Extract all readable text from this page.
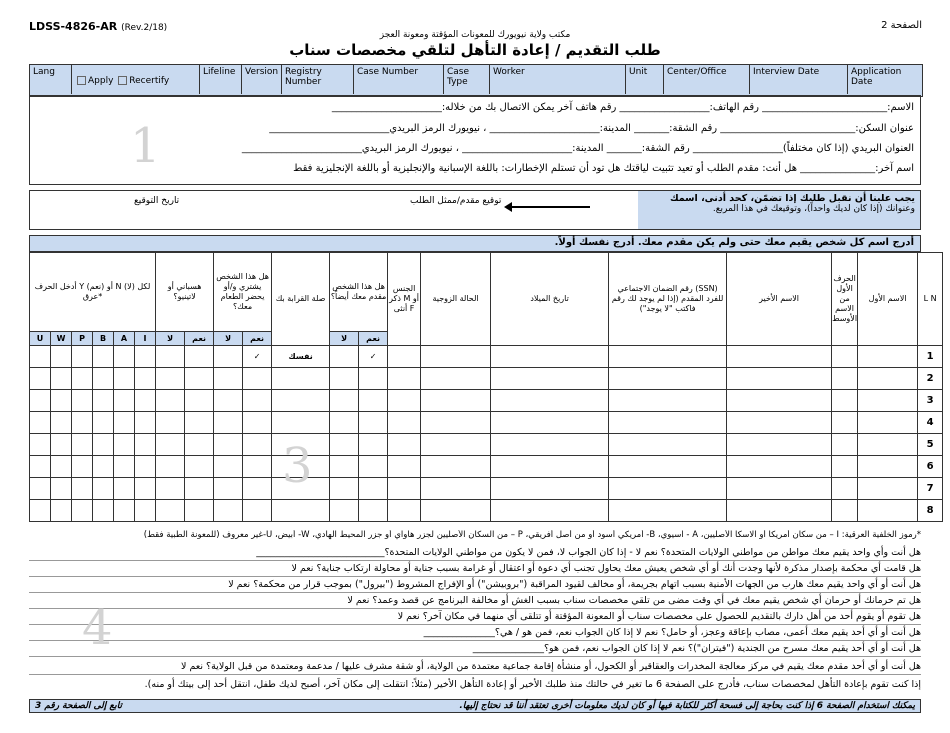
LDSS-4826-AR (Rev.2/18)	الصفحة 2
مكتب ولاية نيويورك للمعونات المؤقتة ومعونة العجز
طلب التقديم / إعادة التأهل لتلقي مخصصات سناب
Lang
Apply Recertify
Lifeline	Version Registry Number
Case Number	Case Type
Worker	Unit	Center/Office	Interview Date	Application Date
الاسم:_________________________ رقم الهاتف:__________________ رقم هاتف آخر يمكن الاتصال بك من خلاله:______________________
عنوان السكن:___________________________ رقم الشقة:_______ المدينة:______________________ ، نيويورك الرمز البريدي________________________
العنوان البريدي (إذا كان مختلفاً)__________________ رقم الشقة:_______ المدينة:______________________ ، نيويورك الرمز البريدي________________________
اسم آخر:_______________ هل أنت: مقدم الطلب أو تعيد تثبيت لياقتك هل تود أن تستلم الإخطارات: باللغة الإسبانية والإنجليزية أو باللغة الإنجليزية فقط
1
يجب علينا أن نقبل طلبك إذا تضمّن، كحد أدنى، اسمك
وعنوانك (إذا كان لديك واحداً)، وتوقيعك في هذا المربع.
توقيع مقدم/ممثل الطلب
تاريخ التوقيع
أدرج اسم كل شخص يقيم معك حتى ولم يكن مقدم معك. أدرج نفسك أولاً.
أدخل الحرف Y (نعم) أو N (لا) لكل عرق*						هسباني أو لاتينيو؟		هل هذا الشخص يشتري و/أو يحضر الطعام معك؟		صلة القرابة بك	هل هذا الشخص مقدم معك أيضاً؟		الجنس ذكر M أو أنثى F	الحالة الزوجية	تاريخ الميلاد	رقم الضمان الاجتماعي (SSN) للفرد المقدم (إذا لم يوجد لك رقم فاكتب "لا يوجد")	الاسم الأخير	الحرف الأول من الاسم الأوسط	الاسم الأول	L N
U	W	P	B	A	I	لا	نعم	لا	نعم		لا	نعم								
									✓	نفسك		✓								1
																				2
																				3
																				4
																				5
																				6
																				7
																				8
3
*رموز الخلفية العرقية: I – من سكان أمريكا أو آلاسكا الأصليين، A - آسيوي، B- أمريكي أسود أو من أصل أفريقي، P – من السكان الأصليين لجزر هاواي أو جزر المحيط الهادي، W- أبيض، U-غير معروف (للمعونة الطبية فقط)
هل أنت وأي واحد يقيم معك مواطن من مواطني الولايات المتحدة؟ نعم لا - إذا كان الجواب لا، فمن لا يكون من مواطني الولايات المتحدة؟___________________________
هل قامت أي محكمة بإصدار مذكرة لأنها وجدت أنك أو أي شخص يعيش معك يحاول تجنب أي دعوة أو اعتقال أو غرامة بسبب جناية أو محاولة ارتكاب جناية؟ نعم لا
هل أنت أو أي واحد يقيم معك هارب من الجهات الأمنية بسبب اتهام بجريمة، أو مخالف لقيود المراقبة ("بروبيشن") أو الإفراج المشروط ("بيرول") بموجب قرار من محكمة؟ نعم لا
هل تم حرمانك أو حرمان أي شخص يقيم معك في أي وقت مضى من تلقي مخصصات سناب بسبب الغش أو مخالفة البرنامج عن قصد وعمد؟ نعم لا
هل تقوم أو يقوم أحد من أهل دارك بالتقديم للحصول على مخصصات سناب أو المعونة المؤقتة أو تتلقى أي منهما في مكان آخر؟ نعم لا
هل أنت أو أي أحد يقيم معك أعمى، مصاب بإعاقة وعجز، أو حامل؟ نعم لا إذا كان الجواب نعم، فمن هو / هي؟_______________
هل أنت أو أي أحد يقيم معك مسرح من الجندية ("فيتران")؟ نعم لا إذا كان الجواب نعم، فمن هو؟_______________
هل أنت أو أي أحد مقدم معك يقيم في مركز معالجة المخدرات والعقاقير أو الكحول، أو منشأة إقامة جماعية معتمدة من الولاية، أو شقة مشرف عليها / مدعمة ومعتمدة من قبل الولاية؟ نعم لا
إذا كنت تقوم بإعادة التأهل لمخصصات سناب، فأدرج على الصفحة 6 ما تغير في حالتك منذ طلبك الأخير أو إعادة التأهل الأخير (مثلاً: انتقلت إلى مكان آخر، أصبح لديك طفل، انتقل أحد إلى بيتك أو منه).
4
تابع إلى الصفحة رقم 3	يمكنك استخدام الصفحة 6 إذا كنت بحاجة إلى فسحة أكثر للكتابة فيها أو كان لديك معلومات أخرى تعتقد أننا قد نحتاج إليها.
